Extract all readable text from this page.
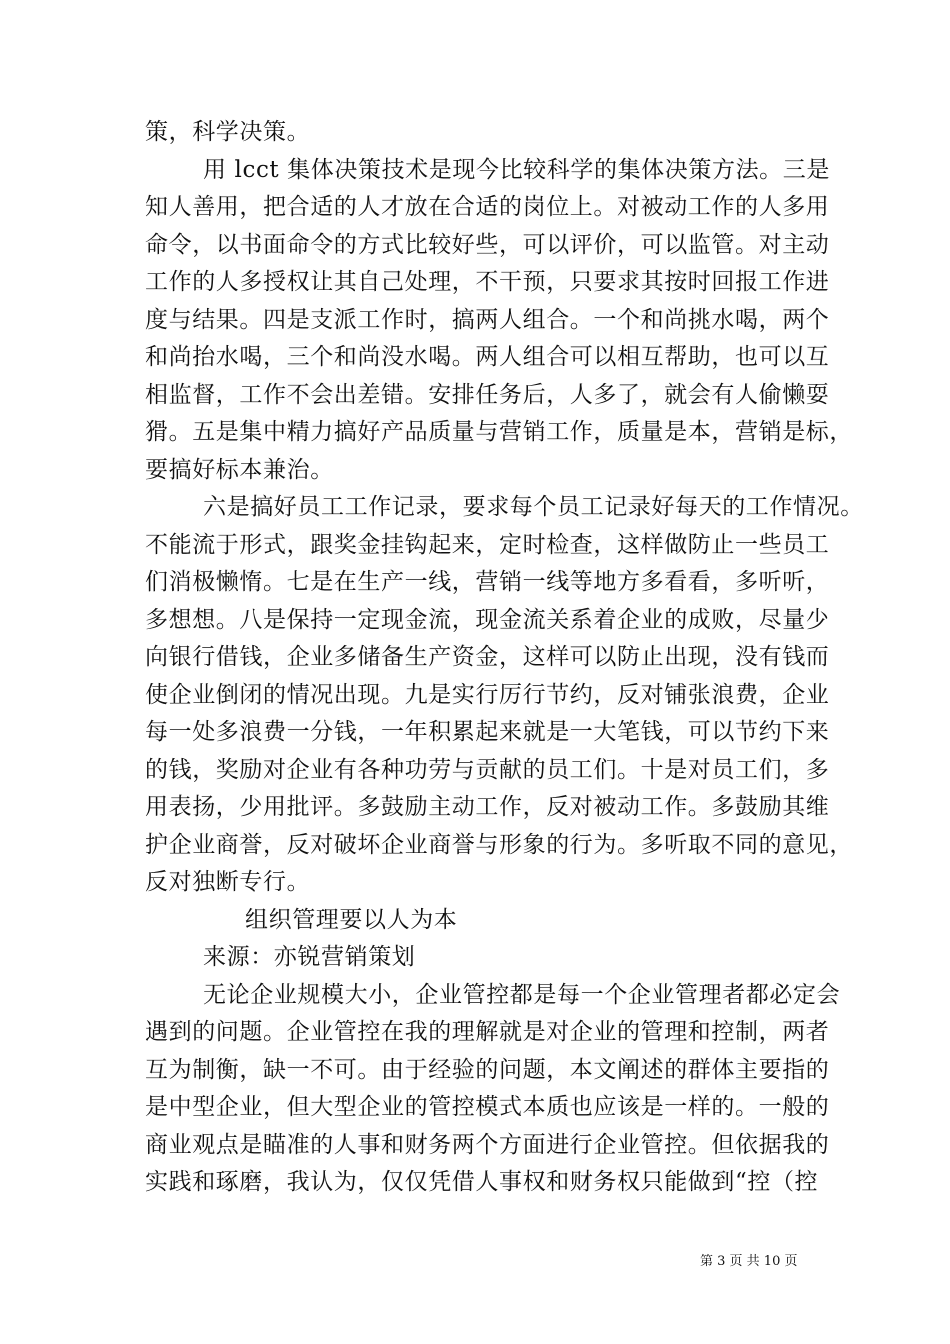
策，科学决策。
用 lcct 集体决策技术是现今比较科学的集体决策方法。三是
知人善用，把合适的人才放在合适的岗位上。对被动工作的人多用
命令，以书面命令的方式比较好些，可以评价，可以监管。对主动
工作的人多授权让其自己处理，不干预，只要求其按时回报工作进
度与结果。四是支派工作时，搞两人组合。一个和尚挑水喝，两个
和尚抬水喝，三个和尚没水喝。两人组合可以相互帮助，也可以互
相监督，工作不会出差错。安排任务后，人多了，就会有人偷懒耍
猾。五是集中精力搞好产品质量与营销工作，质量是本，营销是标，
要搞好标本兼治。
六是搞好员工工作记录，要求每个员工记录好每天的工作情况。
不能流于形式，跟奖金挂钩起来，定时检查，这样做防止一些员工
们消极懒惰。七是在生产一线，营销一线等地方多看看，多听听，
多想想。八是保持一定现金流，现金流关系着企业的成败，尽量少
向银行借钱，企业多储备生产资金，这样可以防止出现，没有钱而
使企业倒闭的情况出现。九是实行厉行节约，反对铺张浪费，企业
每一处多浪费一分钱，一年积累起来就是一大笔钱，可以节约下来
的钱，奖励对企业有各种功劳与贡献的员工们。十是对员工们，多
用表扬，少用批评。多鼓励主动工作，反对被动工作。多鼓励其维
护企业商誉，反对破坏企业商誉与形象的行为。多听取不同的意见，
反对独断专行。
组织管理要以人为本
来源：亦锐营销策划
无论企业规模大小，企业管控都是每一个企业管理者都必定会
遇到的问题。企业管控在我的理解就是对企业的管理和控制，两者
互为制衡，缺一不可。由于经验的问题，本文阐述的群体主要指的
是中型企业，但大型企业的管控模式本质也应该是一样的。一般的
商业观点是瞄准的人事和财务两个方面进行企业管控。但依据我的
实践和琢磨，我认为，仅仅凭借人事权和财务权只能做到“控（控
第 3 页 共 10 页
